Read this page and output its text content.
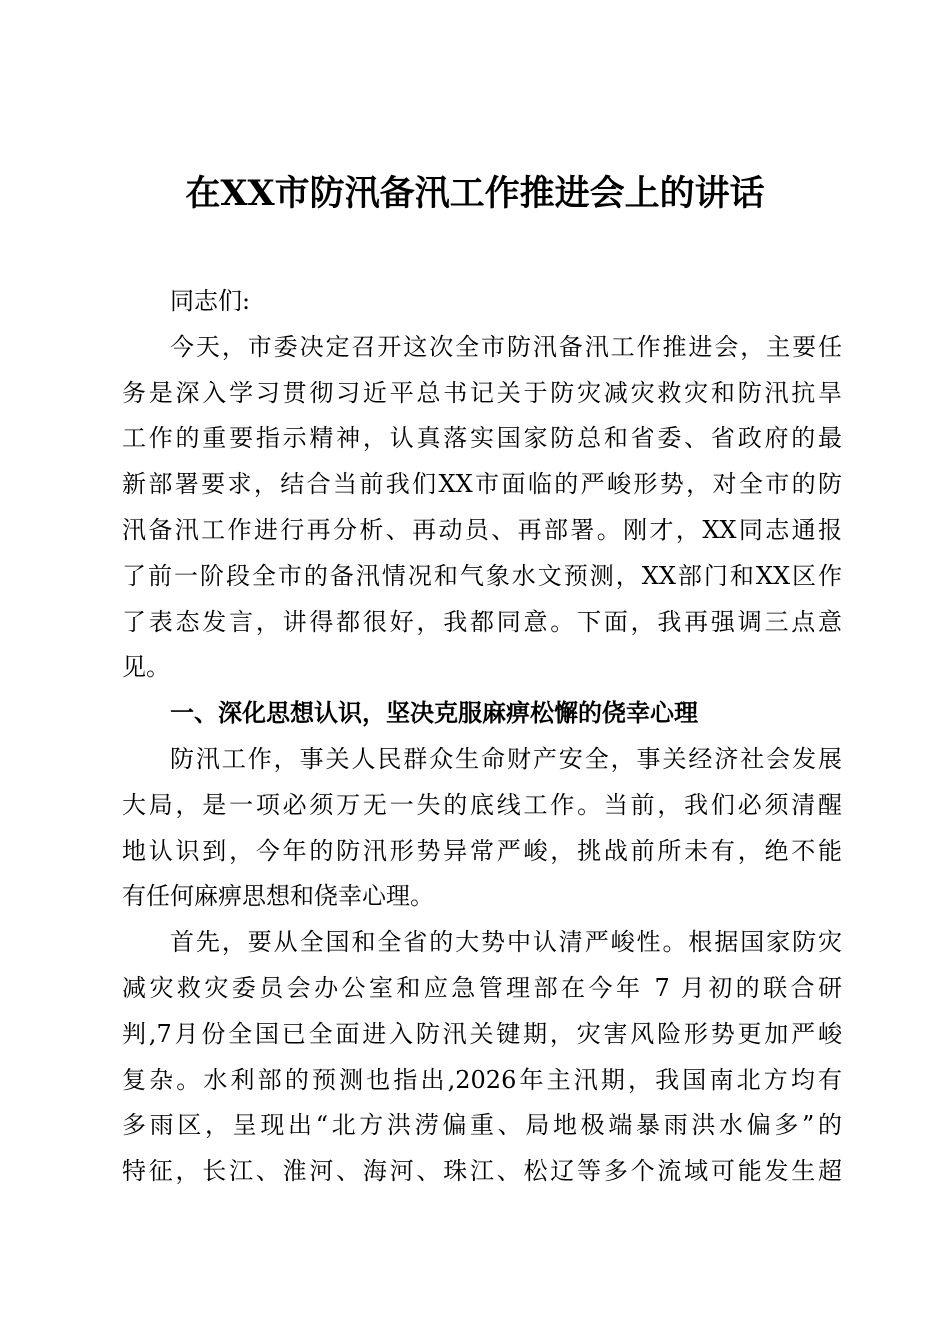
在XX市防汛备汛工作推进会上的讲话
同志们:
今天，市委决定召开这次全市防汛备汛工作推进会，主要任
务是深入学习贯彻习近平总书记关于防灾减灾救灾和防汛抗旱
工作的重要指示精神，认真落实国家防总和省委、省政府的最
新部署要求，结合当前我们XX市面临的严峻形势，对全市的防
汛备汛工作进行再分析、再动员、再部署。刚才，XX同志通报
了前一阶段全市的备汛情况和气象水文预测，XX部门和XX区作
了表态发言，讲得都很好，我都同意。下面，我再强调三点意
见。
一、深化思想认识，坚决克服麻痹松懈的侥幸心理
防汛工作，事关人民群众生命财产安全，事关经济社会发展
大局，是一项必须万无一失的底线工作。当前，我们必须清醒
地认识到，今年的防汛形势异常严峻，挑战前所未有，绝不能
有任何麻痹思想和侥幸心理。
首先，要从全国和全省的大势中认清严峻性。根据国家防灾
减灾救灾委员会办公室和应急管理部在今年 7 月初的联合研
判,7月份全国已全面进入防汛关键期，灾害风险形势更加严峻
复杂。水利部的预测也指出,2026年主汛期，我国南北方均有
多雨区，呈现出“北方洪涝偏重、局地极端暴雨洪水偏多”的
特征，长江、淮河、海河、珠江、松辽等多个流域可能发生超
